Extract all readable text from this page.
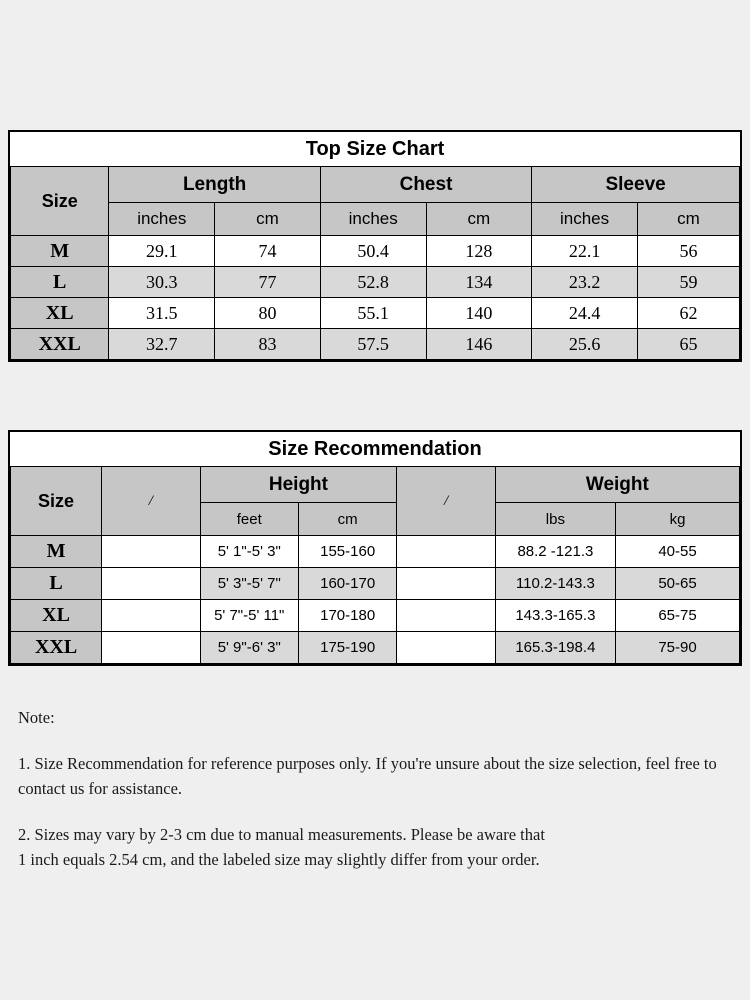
Top Size Chart						
Size	Length		Chest		Sleeve	
	inches	cm	inches	cm	inches	cm
M	29.1	74	50.4	128	22.1	56
L	30.3	77	52.8	134	23.2	59
XL	31.5	80	55.1	140	24.4	62
XXL	32.7	83	57.5	146	25.6	65
Size Recommendation						
Size	/	Height		/	Weight	
		feet	cm		lbs	kg
M		5' 1"-5' 3"	155-160		88.2 -121.3	40-55
L		5' 3"-5' 7"	160-170		110.2-143.3	50-65
XL		5' 7"-5' 11"	170-180		143.3-165.3	65-75
XXL		5' 9"-6' 3"	175-190		165.3-198.4	75-90

Note:

1. Size Recommendation for reference purposes only. If you're unsure about the size selection, feel free to contact us for assistance.

2. Sizes may vary by 2-3 cm due to manual measurements. Please be aware that

1 inch equals 2.54 cm, and the labeled size may slightly differ from your order.
